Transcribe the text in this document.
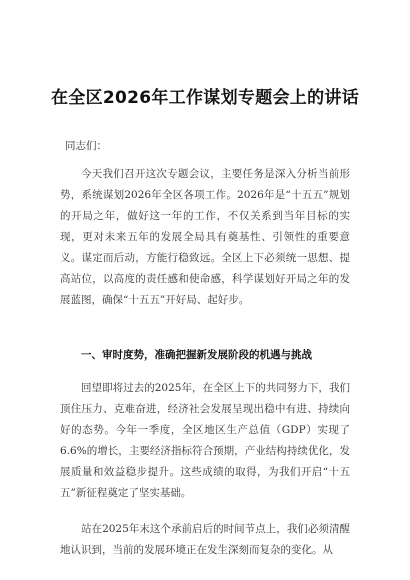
在全区2026年工作谋划专题会上的讲话
同志们：

今天我们召开这次专题会议，主要任务是深入分析当前形势，系统谋划2026年全区各项工作。2026年是“十五五”规划的开局之年，做好这一年的工作，不仅关系到当年目标的实现，更对未来五年的发展全局具有奠基性、引领性的重要意义。谋定而后动，方能行稳致远。全区上下必须统一思想、提高站位，以高度的责任感和使命感，科学谋划好开局之年的发展蓝图，确保“十五五”开好局、起好步。

一、审时度势，准确把握新发展阶段的机遇与挑战

回望即将过去的2025年，在全区上下的共同努力下，我们顶住压力、克难奋进，经济社会发展呈现出稳中有进、持续向好的态势。今年一季度，全区地区生产总值（GDP）实现了6.6%的增长，主要经济指标符合预期，产业结构持续优化，发展质量和效益稳步提升。这些成绩的取得，为我们开启“十五五”新征程奠定了坚实基础。

站在2025年末这个承前启后的时间节点上，我们必须清醒地认识到，当前的发展环境正在发生深刻而复杂的变化。从
